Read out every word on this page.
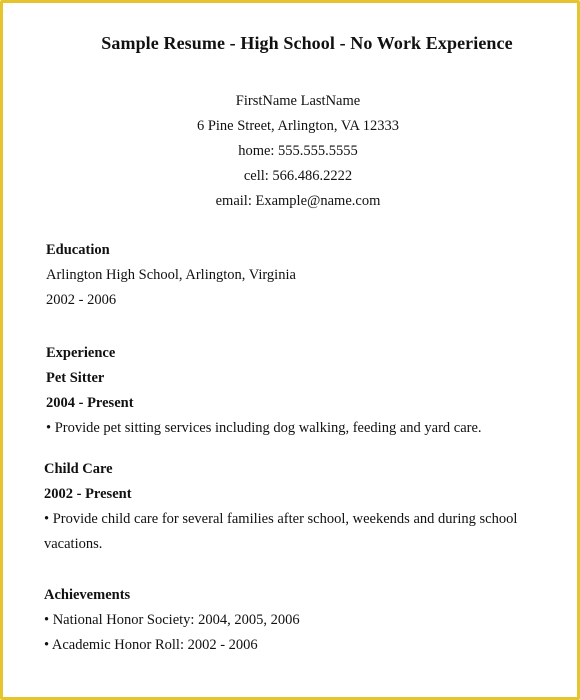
Sample Resume - High School - No Work Experience
FirstName LastName
6 Pine Street, Arlington, VA 12333
home: 555.555.5555
cell: 566.486.2222
email: Example@name.com
Education
Arlington High School, Arlington, Virginia
2002 - 2006
Experience
Pet Sitter
2004 - Present
• Provide pet sitting services including dog walking, feeding and yard care.
Child Care
2002 - Present
• Provide child care for several families after school, weekends and during school vacations.
Achievements
• National Honor Society: 2004, 2005, 2006
• Academic Honor Roll: 2002 - 2006
